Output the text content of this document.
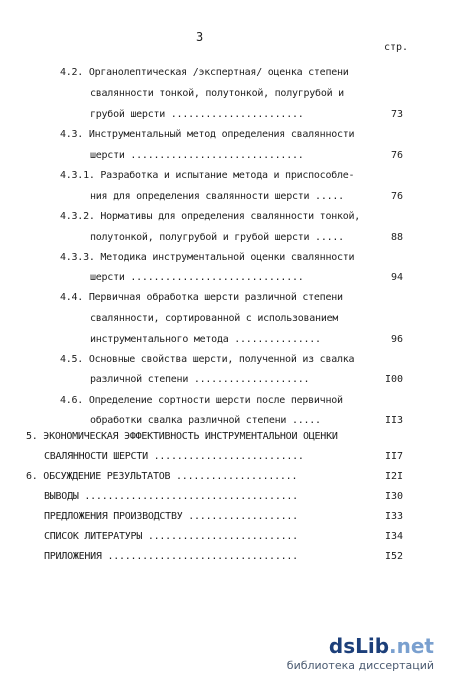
3
стр.
4.2. Органолептическая /экспертная/ оценка степени
свалянности тонкой, полутонкой, полугрубой и
грубой шерсти .......................	73
4.3. Инструментальный метод определения свалянности
шерсти ..............................	76
4.3.1. Разработка и испытание метода и приспособле-
ния для определения свалянности шерсти .....	76
4.3.2. Нормативы для определения свалянности тонкой,
полутонкой, полугрубой и грубой шерсти .....	88
4.3.3. Методика инструментальной оценки свалянности
шерсти ..............................	94
4.4. Первичная обработка шерсти различной степени
свалянности, сортированной с использованием
инструментального метода ...............	96
4.5. Основные свойства шерсти, полученной из свалка
различной степени ....................	I00
4.6. Определение сортности шерсти после первичной
обработки свалка различной степени .....	II3
5. ЭКОНОМИЧЕСКАЯ ЭФФЕКТИВНОСТЬ ИНСТРУМЕНТАЛЬНОЙ ОЦЕНКИ
СВАЛЯННОСТИ ШЕРСТИ ..........................	II7
6. ОБСУЖДЕНИЕ РЕЗУЛЬТАТОВ .....................	I2I
ВЫВОДЫ .....................................	I30
ПРЕДЛОЖЕНИЯ ПРОИЗВОДСТВУ ...................	I33
СПИСОК ЛИТЕРАТУРЫ ..........................	I34
ПРИЛОЖЕНИЯ .................................	I52
dsLib.net
библиотека диссертаций
